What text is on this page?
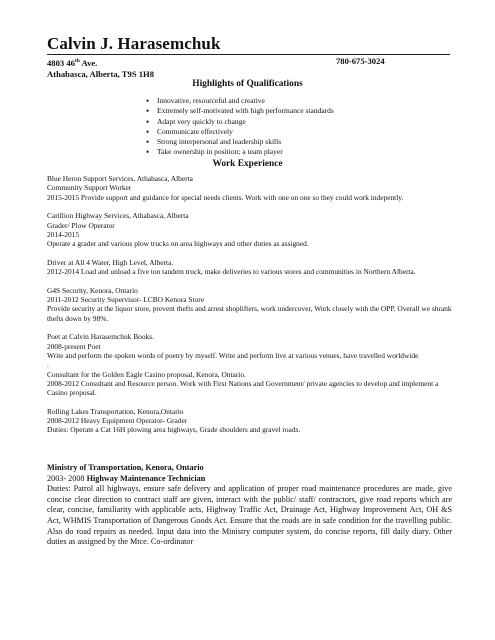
Calvin J. Harasemchuk
4803 46th Ave.
Athabasca, Alberta, T9S 1H8
780-675-3024
Highlights of Qualifications
• Innovative, resourceful and creative
• Extremely self-motivated with high performance standards
• Adapt very quickly to change
• Communicate effectively
• Strong interpersonal and leadership skills
• Take ownership in position; a team player
Work Experience
Blue Heron Support Services, Athabasca, Alberta
Community Support Worker
2015-2015 Provide support and guidance for special needs clients. Work with one on one so they could work indepently.
Carillion Highway Services, Athabasca, Alberta
Grader/ Plow Operator
2014-2015
Operate a grader and various plow trucks on area highways and other duties as assigned.
Driver at All 4 Water, High Level, Alberta.
2012-2014 Load and unload a five ton tandem truck, make deliveries to various stores and communities in Northern Alberta.
G4S Security, Kenora, Ontario
2011-2012 Security Supervisor- LCBO Kenora Store
Provide security at the liquor store, prevent thefts and arrest shoplifters, work undercover, Work closely with the OPP. Overall we shrank thefts down by 98%.
Poet at Calvin Harasemchuk Books.
2008-present Poet
Write and perform the spoken words of poetry by myself. Write and perform live at various venues, have travelled worldwide
.
Consultant for the Golden Eagle Casino proposal, Kenora, Ontario.
2008-2012 Consultant and Resource person. Work with First Nations and Government/ private agencies to develop and implement a Casino proposal.
Rolling Lakes Transportation, Kenora,Ontario
2008-2012 Heavy Equipment Operator- Grader
Duties: Operate a Cat 16H plowing area highways, Grade shoulders and gravel roads.
Ministry of Transportation, Kenora, Ontario
2003- 2008 Highway Maintenance Technician
Duties: Patrol all highways, ensure safe delivery and application of proper road maintenance procedures are made, give concise clear direction to contract staff are given, interact with the public/ staff/ contractors, give road reports which are clear, concise, familiarity with applicable acts, Highway Traffic Act, Drainage Act, Highway Improvement Act, OH &S Act, WHMIS Transportation of Dangerous Goods Act. Ensure that the roads are in safe condition for the travelling public. Also do road repairs as needed. Input data into the Ministry computer system, do concise reports, fill daily diary. Other duties as assigned by the Mtce. Co-ordinator
